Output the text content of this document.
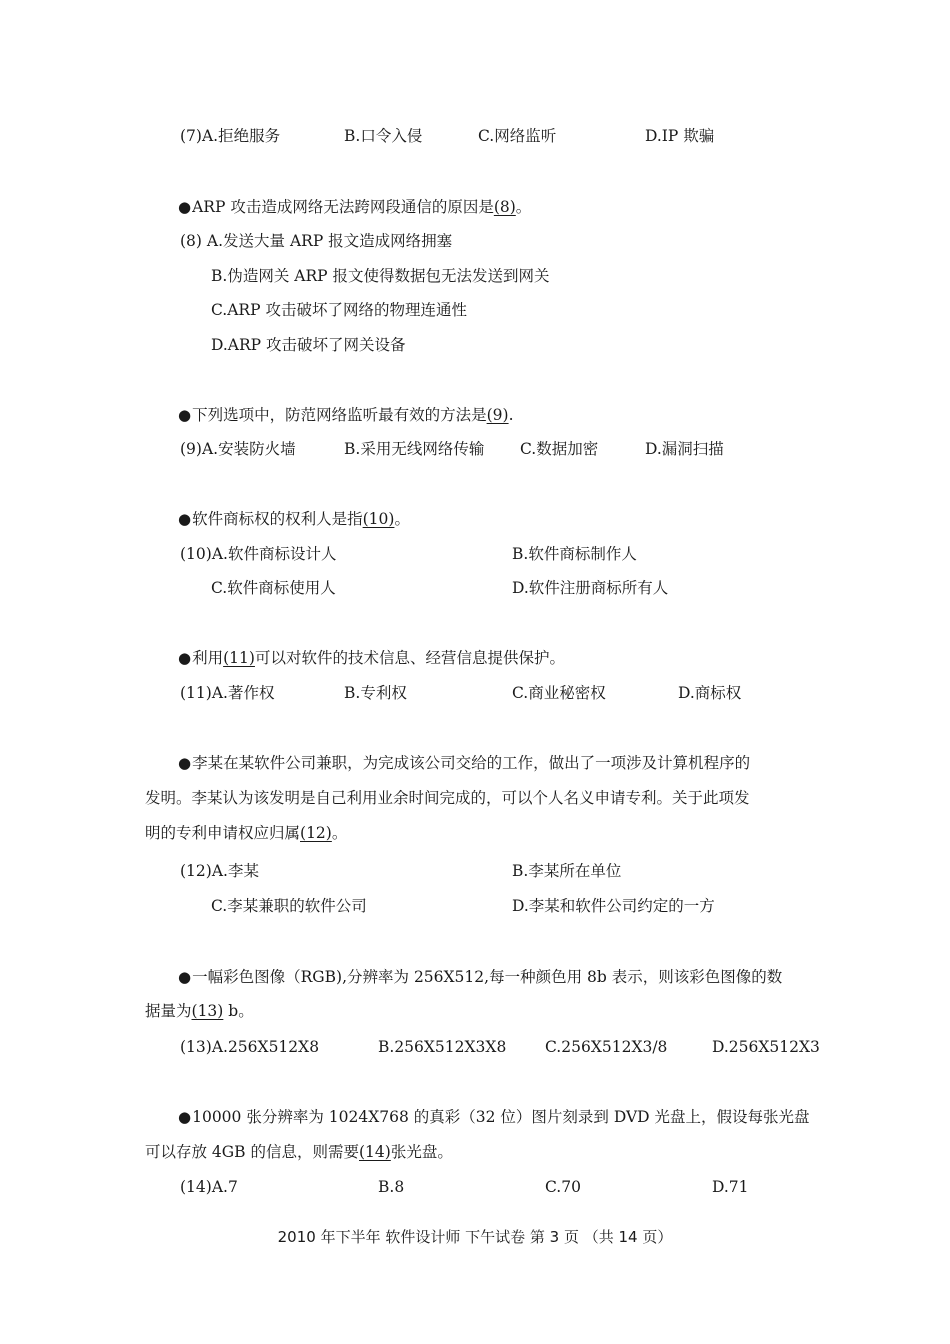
(7)A.拒绝服务	B.口令入侵	C.网络监听	D.IP 欺骗
●ARP 攻击造成网络无法跨网段通信的原因是(8)。
(8) A.发送大量 ARP 报文造成网络拥塞
B.伪造网关 ARP 报文使得数据包无法发送到网关
C.ARP 攻击破坏了网络的物理连通性
D.ARP 攻击破坏了网关设备
●下列选项中，防范网络监听最有效的方法是(9).
(9)A.安装防火墙	B.采用无线网络传输 C.数据加密	D.漏洞扫描
●软件商标权的权利人是指(10)。
(10)A.软件商标设计人	B.软件商标制作人
C.软件商标使用人	D.软件注册商标所有人
●利用(11)可以对软件的技术信息、经营信息提供保护。
(11)A.著作权	B.专利权	C.商业秘密权	D.商标权
●李某在某软件公司兼职，为完成该公司交给的工作，做出了一项涉及计算机程序的
发明。李某认为该发明是自己利用业余时间完成的，可以个人名义申请专利。关于此项发
明的专利申请权应归属(12)。
(12)A.李某	B.李某所在单位
C.李某兼职的软件公司	D.李某和软件公司约定的一方
●一幅彩色图像（RGB),分辨率为 256X512,每一种颜色用 8b 表示，则该彩色图像的数
据量为(13) b。
(13)A.256X512X8	B.256X512X3X8 C.256X512X3/8	D.256X512X3
●10000 张分辨率为 1024X768 的真彩（32 位）图片刻录到 DVD 光盘上，假设每张光盘
可以存放 4GB 的信息，则需要(14)张光盘。
(14)A.7	B.8	C.70	D.71
2010 年下半年 软件设计师 下午试卷 第 3 页 （共 14 页）
